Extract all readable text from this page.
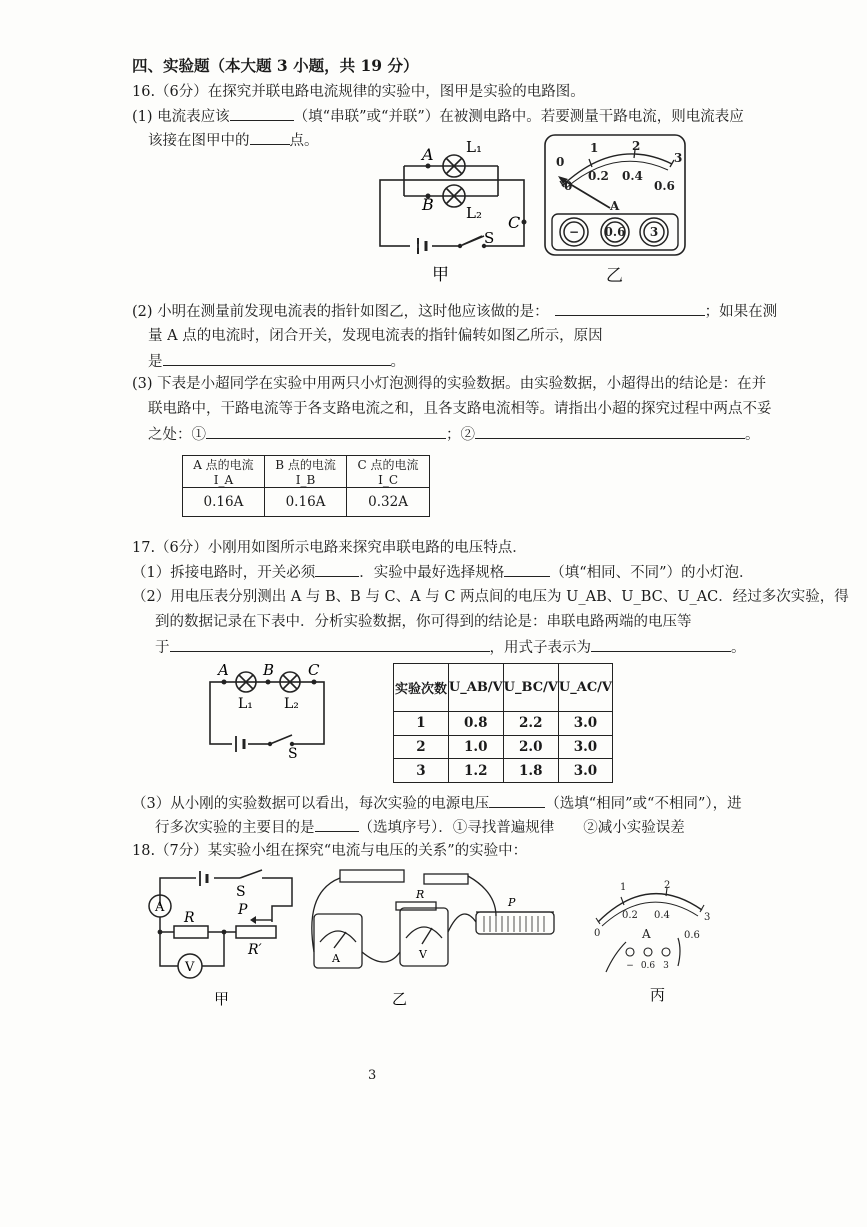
四、实验题（本大题 3 小题，共 19 分）
16.（6分）在探究并联电路电流规律的实验中，图甲是实验的电路图。
(1) 电流表应该	（填“串联”或“并联”）在被测电路中。若要测量干路电流，则电流表应
该接在图甲中的	点。
A
B
C
L₁
L₂
S
甲
0
1	2
3
0
0.2 0.4
0.6
A
− 0.6 3
乙
(2) 小明在测量前发现电流表的指针如图乙，这时他应该做的是：	；如果在测
量 A 点的电流时，闭合开关，发现电流表的指针偏转如图乙所示，原因
是	。
(3) 下表是小超同学在实验中用两只小灯泡测得的实验数据。由实验数据，小超得出的结论是：在并
联电路中，干路电流等于各支路电流之和，且各支路电流相等。请指出小超的探究过程中两点不妥
之处：①	；②	。
A 点的电流 I_A	B 点的电流 I_B	C 点的电流 I_C
0.16A	0.16A	0.32A
17.（6分）小刚用如图所示电路来探究串联电路的电压特点．
（1）拆接电路时，开关必须	．实验中最好选择规格	（填“相同、不同”）的小灯泡．
（2）用电压表分别测出 A 与 B、B 与 C、A 与 C 两点间的电压为 U_AB、U_BC、U_AC．经过多次实验，得
到的数据记录在下表中．分析实验数据，你可得到的结论是：串联电路两端的电压等
于	，用式子表示为	。
A B C
L₁ L₂
S
实验次数	U_AB/V	U_BC/V	U_AC/V
1	0.8	2.2	3.0
2	1.0	2.0	3.0
3	1.2	1.8	3.0
（3）从小刚的实验数据可以看出，每次实验的电源电压	（选填“相同”或“不相同”），进
行多次实验的主要目的是	（选填序号）．①寻找普遍规律　　②减小实验误差
18.（7分）某实验小组在探究“电流与电压的关系”的实验中：
A
V
R	P
R′
S
甲
A	V
R
P
乙
1	2
3
0
0.2 0.4
0.6
A
− 0.6 3
丙
3
